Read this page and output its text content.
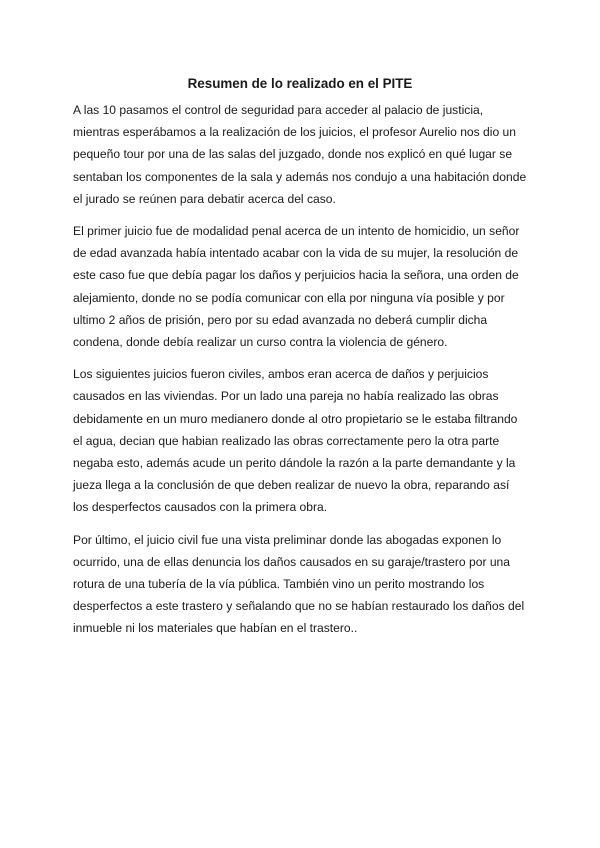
Resumen de lo realizado en el PITE

A las 10 pasamos el control de seguridad para acceder al palacio de justicia,
mientras esperábamos a la realización de los juicios, el profesor Aurelio nos dio un
pequeño tour por una de las salas del juzgado, donde nos explicó en qué lugar se
sentaban los componentes de la sala y además nos condujo a una habitación donde
el jurado se reúnen para debatir acerca del caso.

El primer juicio fue de modalidad penal acerca de un intento de homicidio, un señor
de edad avanzada había intentado acabar con la vida de su mujer, la resolución de
este caso fue que debía pagar los daños y perjuicios hacia la señora, una orden de
alejamiento, donde no se podía comunicar con ella por ninguna vía posible y por
ultimo 2 años de prisión, pero por su edad avanzada no deberá cumplir dicha
condena, donde debía realizar un curso contra la violencia de género.

Los siguientes juicios fueron civiles, ambos eran acerca de daños y perjuicios
causados en las viviendas. Por un lado una pareja no había realizado las obras
debidamente en un muro medianero donde al otro propietario se le estaba filtrando
el agua, decian que habian realizado las obras correctamente pero la otra parte
negaba esto, además acude un perito dándole la razón a la parte demandante y la
jueza llega a la conclusión de que deben realizar de nuevo la obra, reparando así
los desperfectos causados con la primera obra.

Por último, el juicio civil fue una vista preliminar donde las abogadas exponen lo
ocurrido, una de ellas denuncia los daños causados en su garaje/trastero por una
rotura de una tubería de la vía pública. También vino un perito mostrando los
desperfectos a este trastero y señalando que no se habían restaurado los daños del
inmueble ni los materiales que habían en el trastero..
